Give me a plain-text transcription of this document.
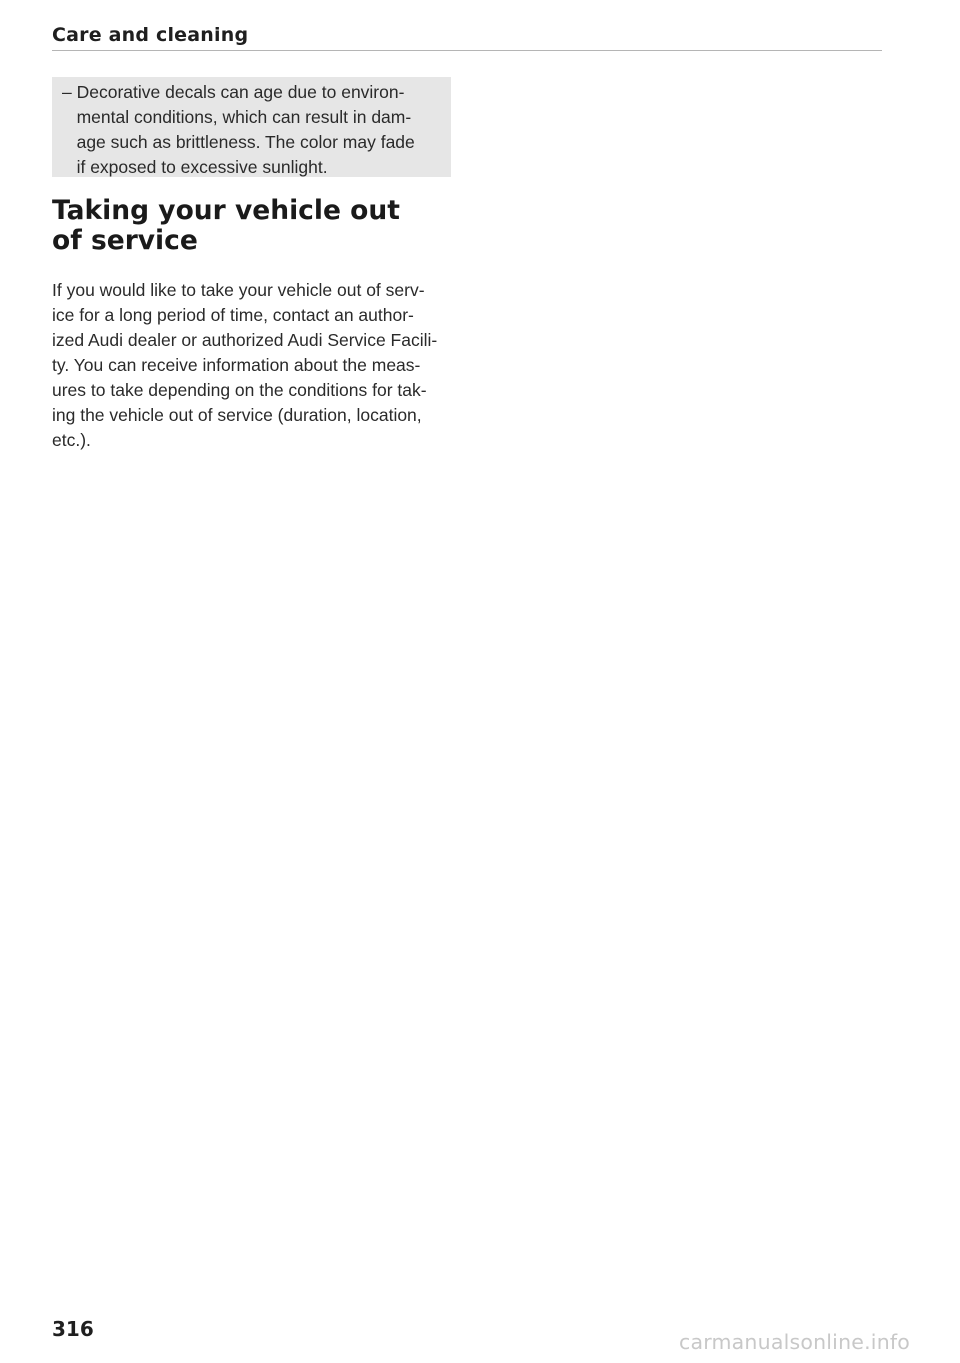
Care and cleaning

– Decorative decals can age due to environ-
mental conditions, which can result in dam-
age such as brittleness. The color may fade
if exposed to excessive sunlight.

Taking your vehicle out
of service

If you would like to take your vehicle out of serv-
ice for a long period of time, contact an author-
ized Audi dealer or authorized Audi Service Facili-
ty. You can receive information about the meas-
ures to take depending on the conditions for tak-
ing the vehicle out of service (duration, location,
etc.).

316
carmanualsonline.info
